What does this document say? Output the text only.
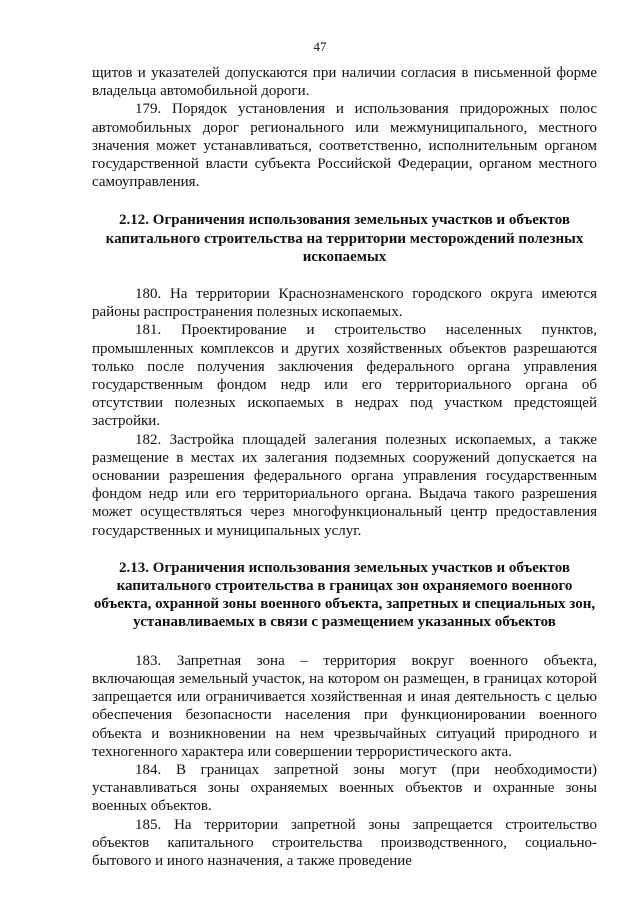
47

щитов и указателей допускаются при наличии согласия в письменной форме владельца автомобильной дороги.

179. Порядок установления и использования придорожных полос автомобильных дорог регионального или межмуниципального, местного значения может устанавливаться, соответственно, исполнительным органом государственной власти субъекта Российской Федерации, органом местного самоуправления.

2.12. Ограничения использования земельных участков и объектов капитального строительства на территории месторождений полезных ископаемых

180. На территории Краснознаменского городского округа имеются районы распространения полезных ископаемых.

181. Проектирование и строительство населенных пунктов, промышленных комплексов и других хозяйственных объектов разрешаются только после получения заключения федерального органа управления государственным фондом недр или его территориального органа об отсутствии полезных ископаемых в недрах под участком предстоящей застройки.

182. Застройка площадей залегания полезных ископаемых, а также размещение в местах их залегания подземных сооружений допускается на основании разрешения федерального органа управления государственным фондом недр или его территориального органа. Выдача такого разрешения может осуществляться через многофункциональный центр предоставления государственных и муниципальных услуг.

2.13. Ограничения использования земельных участков и объектов капитального строительства в границах зон охраняемого военного объекта, охранной зоны военного объекта, запретных и специальных зон, устанавливаемых в связи с размещением указанных объектов

183. Запретная зона – территория вокруг военного объекта, включающая земельный участок, на котором он размещен, в границах которой запрещается или ограничивается хозяйственная и иная деятельность с целью обеспечения безопасности населения при функционировании военного объекта и возникновении на нем чрезвычайных ситуаций природного и техногенного характера или совершении террористического акта.

184. В границах запретной зоны могут (при необходимости) устанавливаться зоны охраняемых военных объектов и охранные зоны военных объектов.

185. На территории запретной зоны запрещается строительство объектов капитального строительства производственного, социально-бытового и иного назначения, а также проведение
